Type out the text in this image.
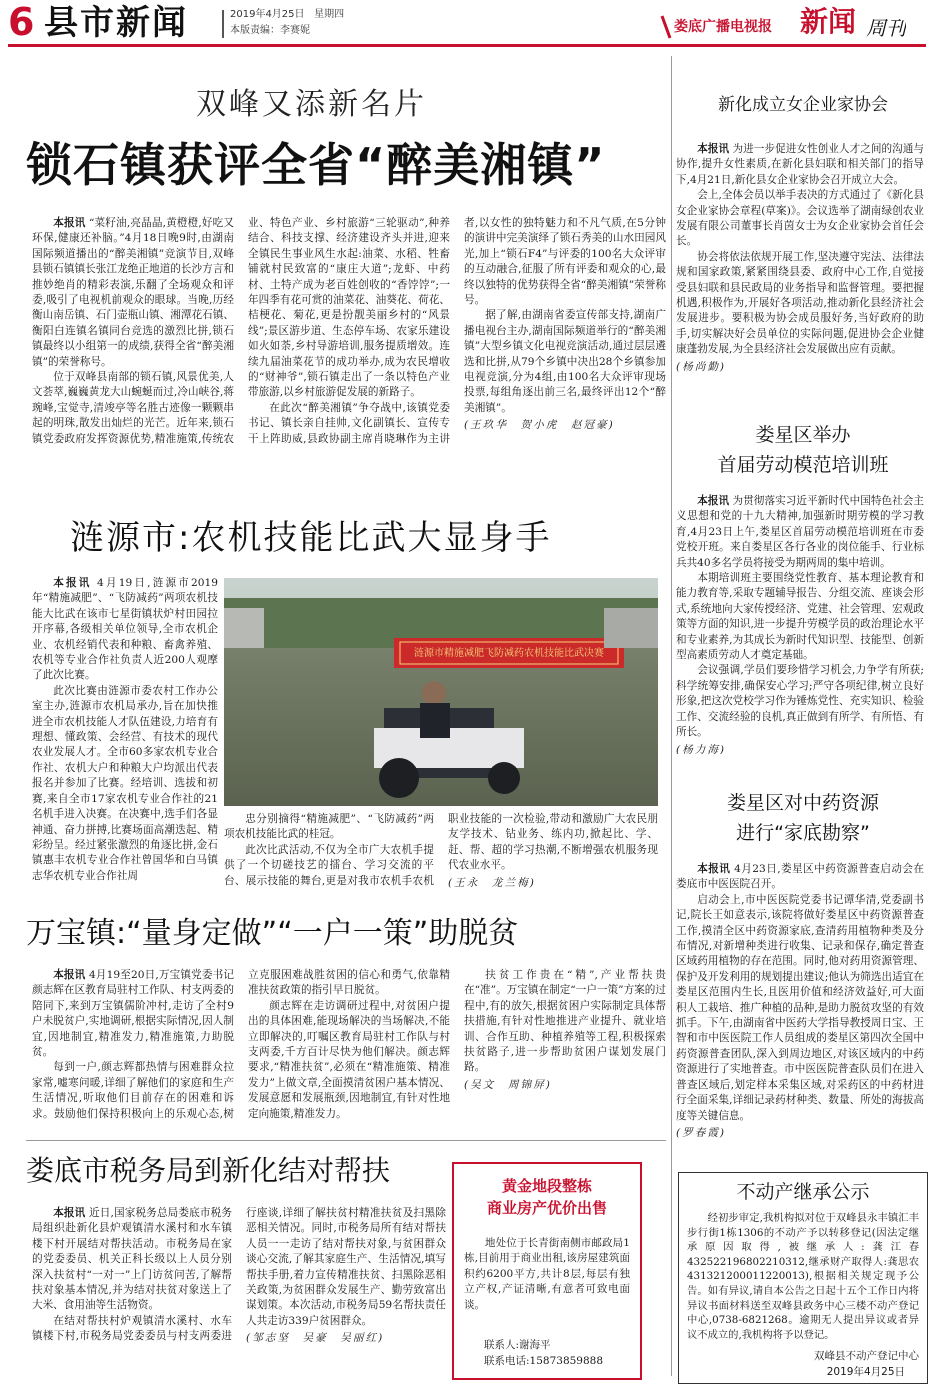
6 县市新闻	2019年4月25日 星期四
本版责编：李赛妮	娄底广播电视报 新闻 周刊
双峰又添新名片
锁石镇获评全省“醉美湘镇”

本报讯 “菜籽油,亮晶晶,黄橙橙,好吃又环保,健康还补脑。”4月18日晚9时,由湖南国际频道播出的“醉美湘镇”竞演节目,双峰县锁石镇镇长张江龙绝正地道的长沙方言和推妙绝肖的精彩表演,乐翻了全场观众和评委,吸引了电视机前观众的眼球。当晚,历经衡山南岳镇、石门壶瓶山镇、湘潭花石镇、衡阳白连镇名镇同台竞选的激烈比拼,锁石镇最终以小组第一的成绩,获得全省“醉美湘镇”的荣誉称号。

位于双峰县南部的锁石镇,风景优美,人文荟萃,巍巍黄龙大山蜿蜒而过,冷山峡谷,蒋琬峰,宝觉寺,清竣亭等名胜古迹像一颗颗串起的明珠,散发出灿烂的光芒。近年来,锁石镇党委政府发挥资源优势,精准施策,传统农业、特色产业、乡村旅游“三轮驱动”,种养结合、科技支撑、经济建设齐头并进,迎来全镇民生事业风生水起:油菜、水稻、牲畜铺就村民致富的“康庄大道”;龙虾、中药材、土特产成为老百姓创收的“香饽饽”;一年四季有花可赏的油菜花、油葵花、荷花、桔梗花、菊花,更是扮靓美丽乡村的“风景线”;景区游步道、生态停车场、农家乐建设如火如荼,乡村导游培训,服务提质增效。连续九届油菜花节的成功举办,成为农民增收的“财神爷”,锁石镇走出了一条以特色产业带旅游,以乡村旅游促发展的新路子。

在此次“醉美湘镇”争夺战中,该镇党委书记、镇长亲自挂帅,文化副镇长、宣传专干上阵助威,县政协副主席肖晓琳作为主讲者,以女性的独特魅力和不凡气质,在5分钟的演讲中完美演绎了锁石秀美的山水田园风光,加上“锁石F4”与评委的100名大众评审的互动融合,征服了所有评委和观众的心,最终以独特的优势获得全省“醉美湘镇”荣誉称号。

据了解,由湖南省委宣传部支持,湖南广播电视台主办,湖南国际频道举行的“醉美湘镇”大型乡镇文化电视竞演活动,通过层层遴选和比拼,从79个乡镇中决出28个乡镇参加电视竞演,分为4组,由100名大众评审现场投票,每组角逐出前三名,最终评出12个“醉美湘镇”。

(王玖华　贺小虎　赵冠豪)

涟源市:农机技能比武大显身手

本报讯 4月19日,涟源市2019年“精施减肥”、“飞防减药”两项农机技能大比武在该市七星街镇状炉村田园拉开序幕,各级相关单位领导,全市农机企业、农机经销代表和种粮、畜禽养殖、农机等专业合作社负责人近200人观摩了此次比赛。

此次比赛由涟源市委农村工作办公室主办,涟源市农机局承办,旨在加快推进全市农机技能人才队伍建设,力培育有理想、懂政策、会经营、有技术的现代农业发展人才。全市60多家农机专业合作社、农机大户和种粮大户均派出代表报名并参加了比赛。经培训、选拔和初赛,来自全市17家农机专业合作社的21名机手进入决赛。在决赛中,选手们各显神通、奋力拼搏,比赛场面高潮迭起、精彩纷呈。经过紧张激烈的角逐比拼,金石镇惠丰农机专业合作社曾国华和白马镇志华农机专业合作社周

涟源市精施减肥飞防减药农机技能比武决赛

忠分别摘得“精施减肥”、“飞防减药”两项农机技能比武的桂冠。

此次比武活动,不仅为全市广大农机手提供了一个切磋技艺的擂台、学习交流的平台、展示技能的舞台,更是对我市农机手农机职业技能的一次检验,带动和激励广大农民朋友学技术、钻业务、练内功,掀起比、学、赶、帮、超的学习热潮,不断增强农机服务现代农业水平。

(王永　龙兰梅)

万宝镇:“量身定做”“一户一策”助脱贫

本报讯 4月19至20日,万宝镇党委书记颜志辉在区教育局驻村工作队、村支两委的陪同下,来到万宝镇儒阶冲村,走访了全村9户未脱贫户,实地调研,根据实际情况,因人制宜,因地制宜,精准发力,精准施策,力助脱贫。

每到一户,颜志辉都热情与困难群众拉家常,嘘寒问暖,详细了解他们的家庭和生产生活情况,听取他们目前存在的困难和诉求。鼓励他们保持积极向上的乐观心态,树立克服困难战胜贫困的信心和勇气,依靠精准扶贫政策的指引早日脱贫。

颜志辉在走访调研过程中,对贫困户提出的具体困难,能现场解决的当场解决,不能立即解决的,叮嘱区教育局驻村工作队与村支两委,千方百计尽快为他们解决。颜志辉要求,“精准扶贫”,必须在“精准施策、精准发力”上做文章,全面摸清贫困户基本情况、发展意愿和发展瓶颈,因地制宜,有针对性地定向施策,精准发力。

扶贫工作贵在“精”,产业帮扶贵在“准”。万宝镇在制定“一户一策”方案的过程中,有的放矢,根据贫困户实际制定具体帮扶措施,有针对性地推进产业提升、就业培训、合作互助、种植养殖等工程,积极探索扶贫路子,进一步帮助贫困户谋划发展门路。

(吴文　周锦屏)

娄底市税务局到新化结对帮扶

本报讯 近日,国家税务总局娄底市税务局组织赴新化县炉观镇清水溪村和水车镇楼下村开展结对帮扶活动。市税务局在家的党委委员、机关正科长级以上人员分别深入扶贫村“一对一”上门访贫问苦,了解帮扶对象基本情况,并为结对扶贫对象送上了大米、食用油等生活物资。

在结对帮扶村炉观镇清水溪村、水车镇楼下村,市税务局党委委员与村支两委进行座谈,详细了解扶贫村精准扶贫及扫黑除恶相关情况。同时,市税务局所有结对帮扶人员一一走访了结对帮扶对象,与贫困群众谈心交流,了解其家庭生产、生活情况,填写帮扶手册,着力宣传精准扶贫、扫黑除恶相关政策,为贫困群众发展生产、勤劳致富出谋划策。本次活动,市税务局59名帮扶责任人共走访339户贫困群众。

(邹志坚　吴豪　吴丽红)

黄金地段整栋
商业房产优价出售
地处位于长青街南侧市邮政局1栋,目前用于商业出租,该房屋建筑面积约6200平方,共计8层,每层有独立产权,产证清晰,有意者可致电面谈。
联系人:谢海平
联系电话:15873859888
新化成立女企业家协会

本报讯 为进一步促进女性创业人才之间的沟通与协作,提升女性素质,在新化县妇联和相关部门的指导下,4月21日,新化县女企业家协会召开成立大会。

会上,全体会员以举手表决的方式通过了《新化县女企业家协会章程(草案)》。会议选举了湖南绿创农业发展有限公司董事长肖茵女士为女企业家协会首任会长。

协会将依法依规开展工作,坚决遵守宪法、法律法规和国家政策,紧紧围绕县委、政府中心工作,自觉接受县妇联和县民政局的业务指导和监督管理。要把握机遇,积极作为,开展好各项活动,推动新化县经济社会发展进步。要积极为协会成员服好务,当好政府的助手,切实解决好会员单位的实际问题,促进协会企业健康蓬勃发展,为全县经济社会发展做出应有贡献。

(杨尚勤)

娄星区举办
首届劳动模范培训班

本报讯 为贯彻落实习近平新时代中国特色社会主义思想和党的十九大精神,加强新时期劳模的学习教育,4月23日上午,娄星区首届劳动模范培训班在市委党校开班。来自娄星区各行各业的岗位能手、行业标兵共40多名学员将接受为期两周的集中培训。

本期培训班主要围绕党性教育、基本理论教育和能力教育等,采取专题辅导报告、分组交流、座谈会形式,系统地向大家传授经济、党建、社会管理、宏观政策等方面的知识,进一步提升劳模学员的政治理论水平和专业素养,为其成长为新时代知识型、技能型、创新型高素质劳动人才奠定基础。

会议强调,学员们要珍惜学习机会,力争学有所获;科学统筹安排,确保安心学习;严守各项纪律,树立良好形象,把这次党校学习作为锤炼党性、充实知识、检验工作、交流经验的良机,真正做到有所学、有所悟、有所长。

(杨力海)

娄星区对中药资源
进行“家底勘察”

本报讯 4月23日,娄星区中药资源普查启动会在娄底市中医医院召开。

启动会上,市中医医院党委书记谭华清,党委副书记,院长王如意表示,该院将做好娄星区中药资源普查工作,摸清全区中药资源家底,查清药用植物种类及分布情况,对新增种类进行收集、记录和保存,确定普查区域药用植物的存在范围。同时,他对药用资源管理、保护及开发利用的规划提出建议;他认为筛选出适宜在娄星区范围内生长,且医用价值和经济效益好,可大面积人工栽培、推广种植的品种,是助力脱贫攻坚的有效抓手。下午,由湖南省中医药大学指导教授周日宝、王智和市中医医院工作人员组成的娄星区第四次全国中药资源普查团队,深入到周边地区,对该区域内的中药资源进行了实地普查。市中医医院普查队员们在进入普查区域后,划定样本采集区域,对采药区的中药材进行全面采集,详细记录药材种类、数量、所处的海拔高度等关键信息。

(罗春霞)

不动产继承公示
经初步审定,我机构拟对位于双峰县永丰镇汇丰步行街1栋1306的不动产予以转移登记(因法定继承原因取得,被继承人:龚江春432522196802210312,继承财产取得人:龚思农431321200011220013),根据相关规定现予公告。如有异议,请自本公告之日起十五个工作日内将异议书面材料送至双峰县政务中心三楼不动产登记中心,0738-6821268。逾期无人提出异议或者异议不成立的,我机构将予以登记。
双峰县不动产登记中心
2019年4月25日
